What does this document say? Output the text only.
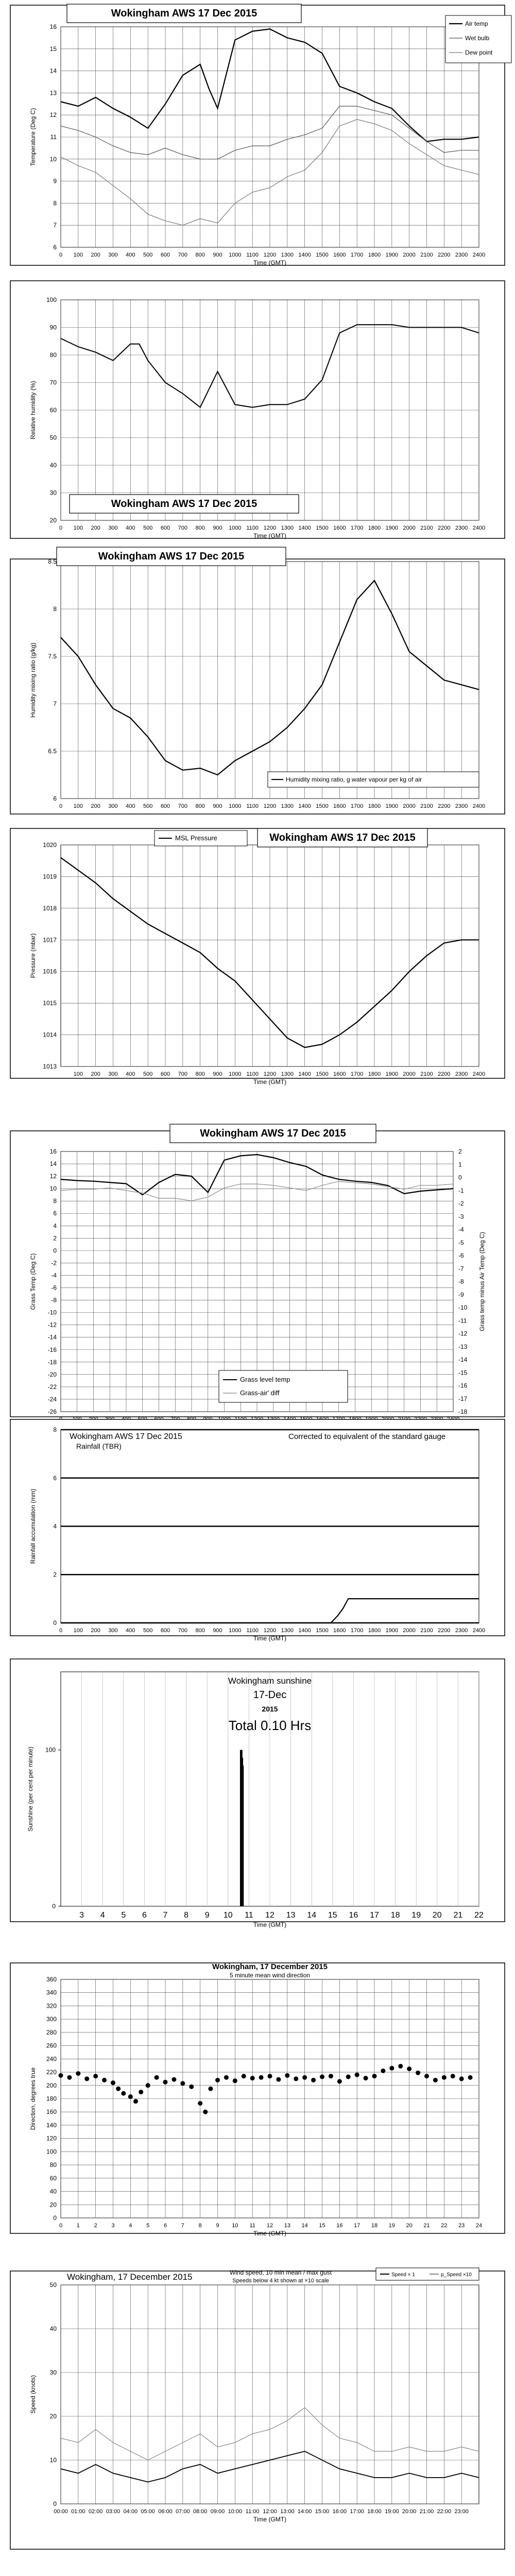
0 100 200 300 400 500 600 700 800 900 1000 1100 1200 1300 1400 1500 1600 1700 1800 1900 2000 2100 2200 2300 2400
6
7
8
9
10
11
12
13
14
15
16
Time (GMT)
Temperature (Deg C)
Wokingham AWS 17 Dec 2015
Air temp
Wet bulb
Dew point
0 100 200 300 400 500 600 700 800 900 1000 1100 1200 1300 1400 1500 1600 1700 1800 1900 2000 2100 2200 2300 2400
20
30
40
50
60
70
80
90
100
Time (GMT)
Relative humidity (%)
Wokingham AWS 17 Dec 2015
0 100 200 300 400 500 600 700 800 900 1000 1100 1200 1300 1400 1500 1600 1700 1800 1900 2000 2100 2200 2300 2400
6
6.5
7
7.5
8
8.5
Humidity mixing ratio (g/kg)
Wokingham AWS 17 Dec 2015
Humidity mixing ratio, g water vapour per kg of air
100 200 300 400 500 600 700 800 900 1000 1100 1200 1300 1400 1500 1600 1700 1800 1900 2000 2100 2200 2300 2400
1013
1014
1015
1016
1017
1018
1019
1020
Time (GMT)
Pressure (mbar)
MSL Pressure	Wokingham AWS 17 Dec 2015
16
14
12
10
8
6
4
2
0
-2
-4
-6
-8
-10
-12
-14
-16
-18
-20
-22
-24
-26
Grass Temp (Deg C)
2
1
0
-1
-2
-3
-4
-5
-6
-7
-8
-9
-10
-11
-12
-13
-14
-15
-16
-17
-18
Grass temp minus Air Temp (Deg C)
Wokingham AWS 17 Dec 2015
Grass level temp
Grass-air' diff
0
2
4
6
8
0 100 200 300 400 500 600 700 800 900 1000 1100 1200 1300 1400 1500 1600 1700 1800 1900 2000 2100 2200 2300 2400
Time (GMT)
Rainfall accumulation (mm)
Wokingham AWS 17 Dec 2015
Rainfall (TBR)
Corrected to equivalent of the standard gauge
3 4 5 6 7 8 9 10 11 12 13 14 15 16 17 18 19 20 21 22
0
100
Time (GMT)
Sunshine (per cent per minute)
Wokingham sunshine
17-Dec
2015
Total 0.10 Hrs
0	1	2	3	4	5	6	7	8	9 10 11 12 13 14 15 16 17 18 19 20 21 22 23 24
0
20
40
60
80
100
120
140
160
180
200
220
240
260
280
300
320
340
360
Time (GMT)
Direction, degrees true
Wokingham, 17 December 2015
5 minute mean wind direction
00:00 01:00 02:00 03:00 04:00 05:00 06:00 07:00 08:00 09:00 10:00 11:00 12:00 13:00 14:00 15:00 16:00 17:00 18:00 19:00 20:00 21:00 22:00 23:00
0
10
20
30
40
50
Time (GMT)
Speed (knots)
Wokingham, 17 December 2015	Wind speed, 10 min mean / max gust
Speeds below 4 kt shown at ×10 scale
Speed × 1	p_Speed ×10
